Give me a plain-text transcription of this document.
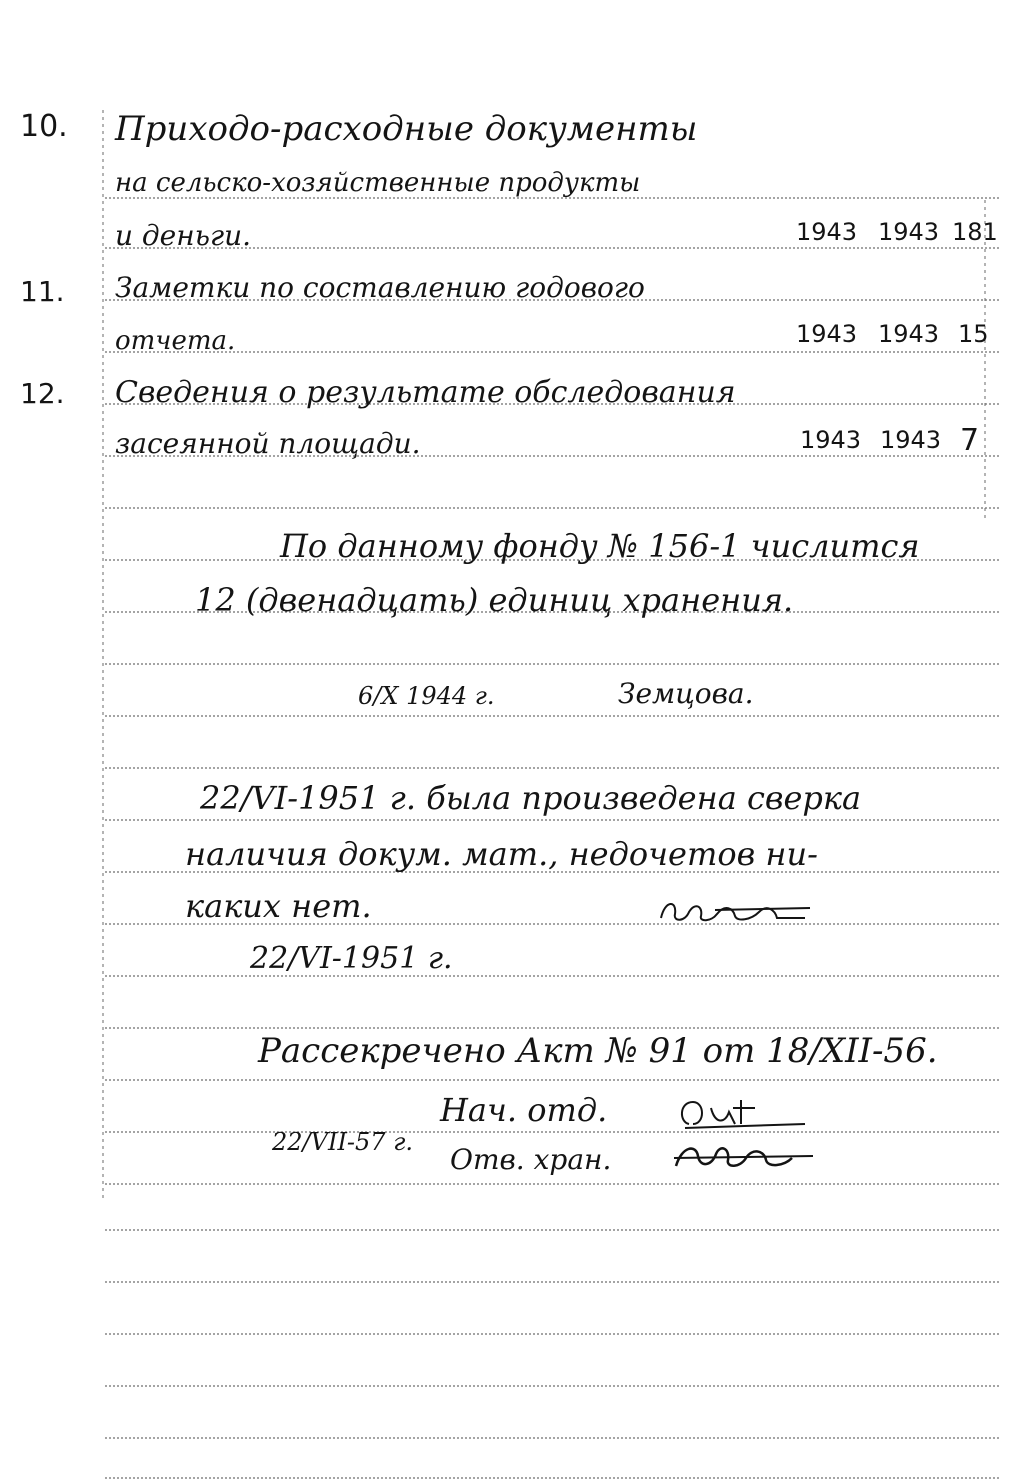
10. Приходо-расходные документы
на сельско-хозяйственные продукты
и деньги.	1943 1943 181
11. Заметки по составлению годового
отчета.	1943 1943 15
12. Сведения о результате обследования
засеянной площади.	1943 1943 7
По данному фонду № 156-1 числится
12 (двенадцать) единиц хранения.
6/X 1944 г.	Земцова.
22/VI-1951 г. была произведена сверка
наличия докум. мат., недочетов ни-
каких нет.
22/VI-1951 г.
Рассекречено Акт № 91 от 18/XII-56.
22/VII-57 г.
Нач. отд.
Отв. хран.
